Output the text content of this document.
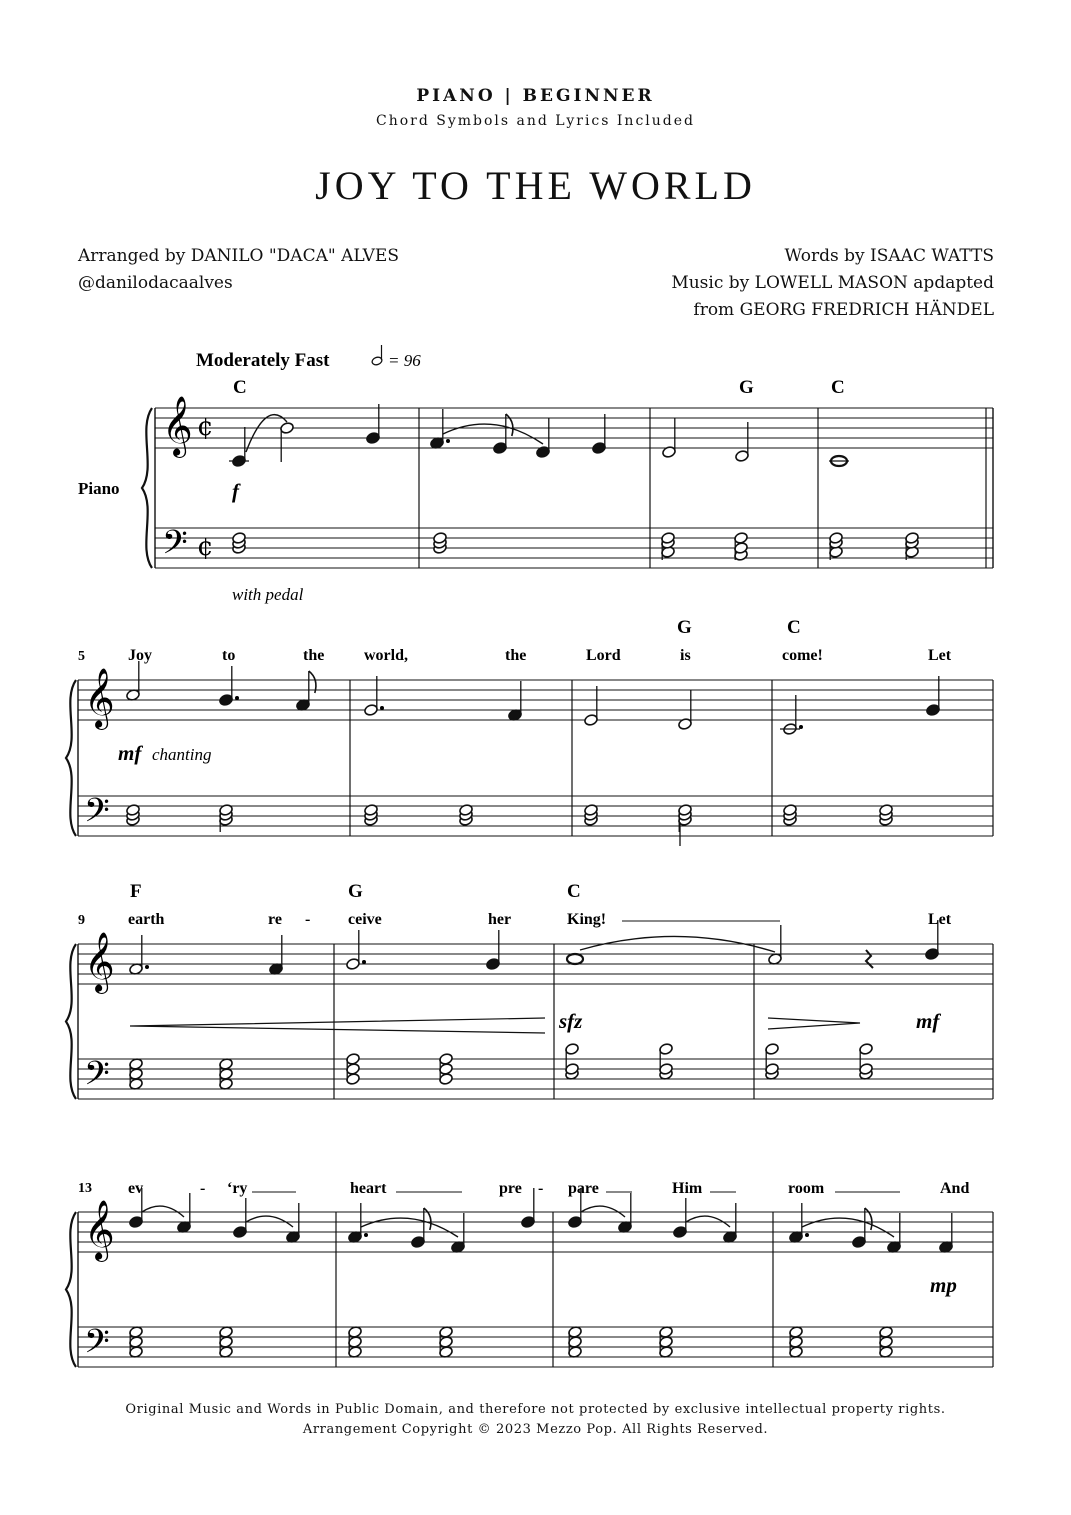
PIANO | BEGINNER
Chord Symbols and Lyrics Included
JOY TO THE WORLD
Arranged by DANILO "DACA" ALVES
@danilodacaalves
Words by ISAAC WATTS
Music by LOWELL MASON apdapted
from GEORG FREDRICH HÄNDEL
Moderately Fast	= 96
Piano
with pedal
C	G	C
𝄞
𝄢
¢
¢
f
5
G	C
Joy	to	the world,	the	Lord	is	come!	Let
𝄞
𝄢
mf chanting
9
F	G	C
earth	re - ceive	her	King!	Let
𝄞
𝄢
sfz	mf
13 ev	- ‘ry	heart	pre - pare	Him	room	And
𝄞
𝄢
mp
Original Music and Words in Public Domain, and therefore not protected by exclusive intellectual property rights.
Arrangement Copyright © 2023 Mezzo Pop. All Rights Reserved.
